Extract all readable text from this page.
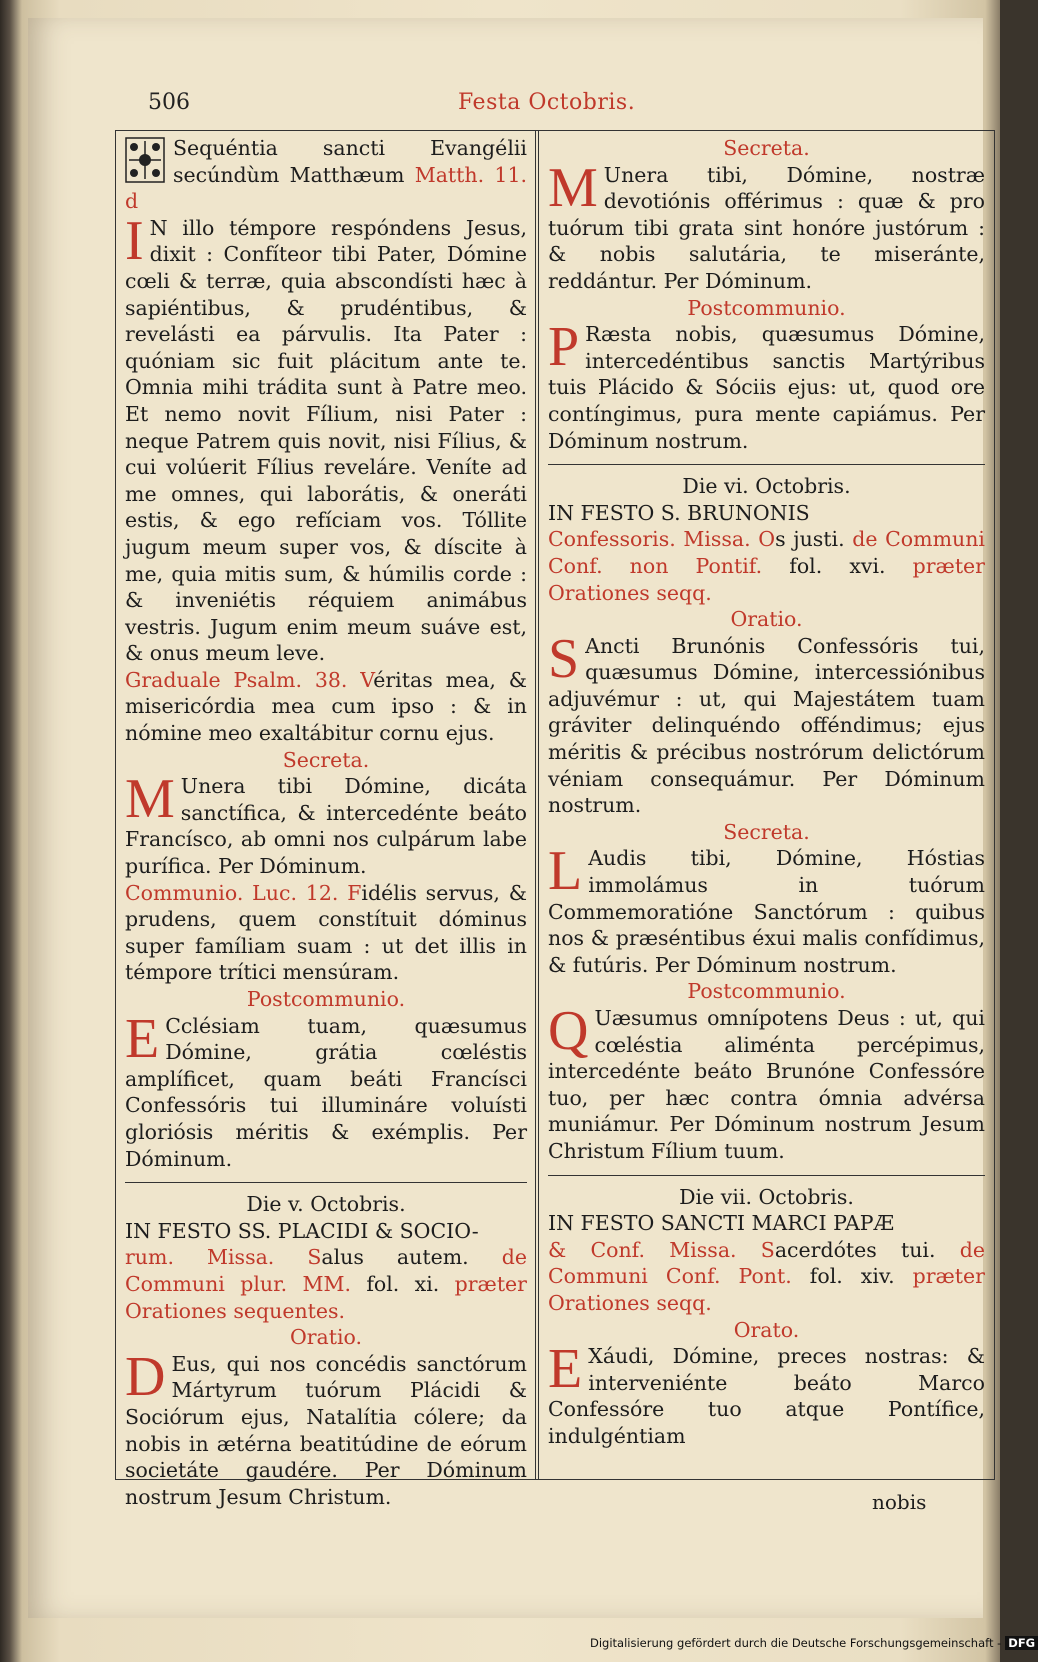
506	Festa Octobris.

Sequéntia sancti Evangélii secúndùm Matthæum Matth. 11. d

I N illo témpore respóndens Jesus, dixit : Confíteor tibi Pater, Dómine cœli & terræ, quia abscondísti hæc à sapiéntibus, & prudéntibus, & revelásti ea párvulis. Ita Pater : quóniam sic fuit plácitum ante te. Omnia mihi trádita sunt à Patre meo. Et nemo novit Fílium, nisi Pater : neque Patrem quis novit, nisi Fílius, & cui volúerit Fílius reveláre. Veníte ad me omnes, qui laborátis, & oneráti estis, & ego refíciam vos. Tóllite jugum meum super vos, & díscite à me, quia mitis sum, & húmilis corde : & inveniétis réquiem animábus vestris. Jugum enim meum suáve est, & onus meum leve.

Graduale Psalm. 38. Véritas mea, & misericórdia mea cum ipso : & in nómine meo exaltábitur cornu ejus.

Secreta.

M Unera tibi Dómine, dicáta sanctífica, & intercedénte beáto Francísco, ab omni nos culpárum labe purífica. Per Dóminum.

Communio. Luc. 12. Fidélis servus, & prudens, quem constítuit dóminus super famíliam suam : ut det illis in témpore trítici mensúram.

Postcommunio.

E Cclésiam tuam, quæsumus Dómine, grátia cœléstis amplíficet, quam beáti Francísci Confessóris tui illumináre voluísti gloriósis méritis & exémplis. Per Dóminum.

Die v. Octobris.

IN FESTO SS. PLACIDI & SOCIO-

rum. Missa. Salus autem. de Communi plur. MM. fol. xi. præter Orationes sequentes.

Oratio.

D Eus, qui nos concédis sanctórum Mártyrum tuórum Plácidi & Sociórum ejus, Natalítia cólere; da nobis in ætérna beatitúdine de eórum societáte gaudére. Per Dóminum nostrum Jesum Christum.

Secreta.

M Unera tibi, Dómine, nostræ devotiónis offérimus : quæ & pro tuórum tibi grata sint honóre justórum : & nobis salutária, te miseránte, reddántur. Per Dóminum.

Postcommunio.

P Ræsta nobis, quæsumus Dómine, intercedéntibus sanctis Martýribus tuis Plácido & Sóciis ejus: ut, quod ore contíngimus, pura mente capiámus. Per Dóminum nostrum.

Die vi. Octobris.

IN FESTO S. BRUNONIS

Confessoris. Missa. Os justi. de Communi Conf. non Pontif. fol. xvi. præter Orationes seqq.

Oratio.

S Ancti Brunónis Confessóris tui, quæsumus Dómine, intercessiónibus adjuvémur : ut, qui Majestátem tuam gráviter delinquéndo offéndimus; ejus méritis & précibus nostrórum delictórum véniam consequámur. Per Dóminum nostrum.

Secreta.

L Audis tibi, Dómine, Hóstias immolámus in tuórum Commemoratióne Sanctórum : quibus nos & præséntibus éxui malis confídimus, & futúris. Per Dóminum nostrum.

Postcommunio.

Q Uæsumus omnípotens Deus : ut, qui cœléstia aliménta percépimus, intercedénte beáto Brunóne Confessóre tuo, per hæc contra ómnia advérsa muniámur. Per Dóminum nostrum Jesum Christum Fílium tuum.

Die vii. Octobris.

IN FESTO SANCTI MARCI PAPÆ

& Conf. Missa. Sacerdótes tui. de Communi Conf. Pont. fol. xiv. præter Orationes seqq.

Orato.

E Xáudi, Dómine, preces nostras: & interveniénte beáto Marco Confessóre tuo atque Pontífice, indulgéntiam

nobis
Digitalisierung gefördert durch die Deutsche Forschungsgemeinschaft - DFG
